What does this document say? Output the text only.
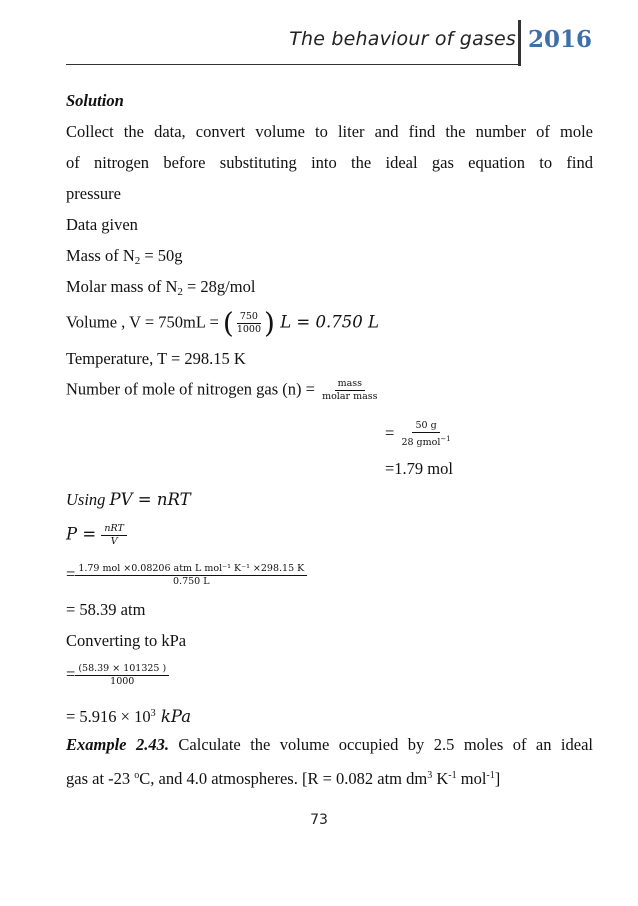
The behaviour of gases 2016
Solution
Collect the data, convert volume to liter and find the number of mole
of nitrogen before substituting into the ideal gas equation to find
pressure
Data given
Mass of $N_2 = 50g$
Molar mass of $N_2 = 28g/mol$
Volume , V = 750mL = ( $\frac{750}{1000}$ ) L = 0.750 L
Temperature, T = 298.15 K
Number of mole of nitrogen gas $(n) = \frac{\text{mass}}{\text{molar mass}}$
= $\frac{50 g}{28 gmol^{-1}}$
=1.79 mol
Using PV = nRT
$P = \frac{\text{nRT}}{V}$
= $\frac{\text{1.79 mol ×0.08206 atm L mol⁻¹ K⁻¹ ×298.15 K}}{0.750 L}$
= 58.39 atm
Converting to kPa
= $\frac{(58.39 \times 101325 )}{1000}$
= $5.916 \times 10^3$ kPa
Example 2.43. Calculate the volume occupied by 2.5 moles of an ideal
gas at -23 $^o$C, and 4.0 atmospheres. [R = 0.082 atm $dm^3$ $K^{-1}$ mol$^{-1}$]
73
